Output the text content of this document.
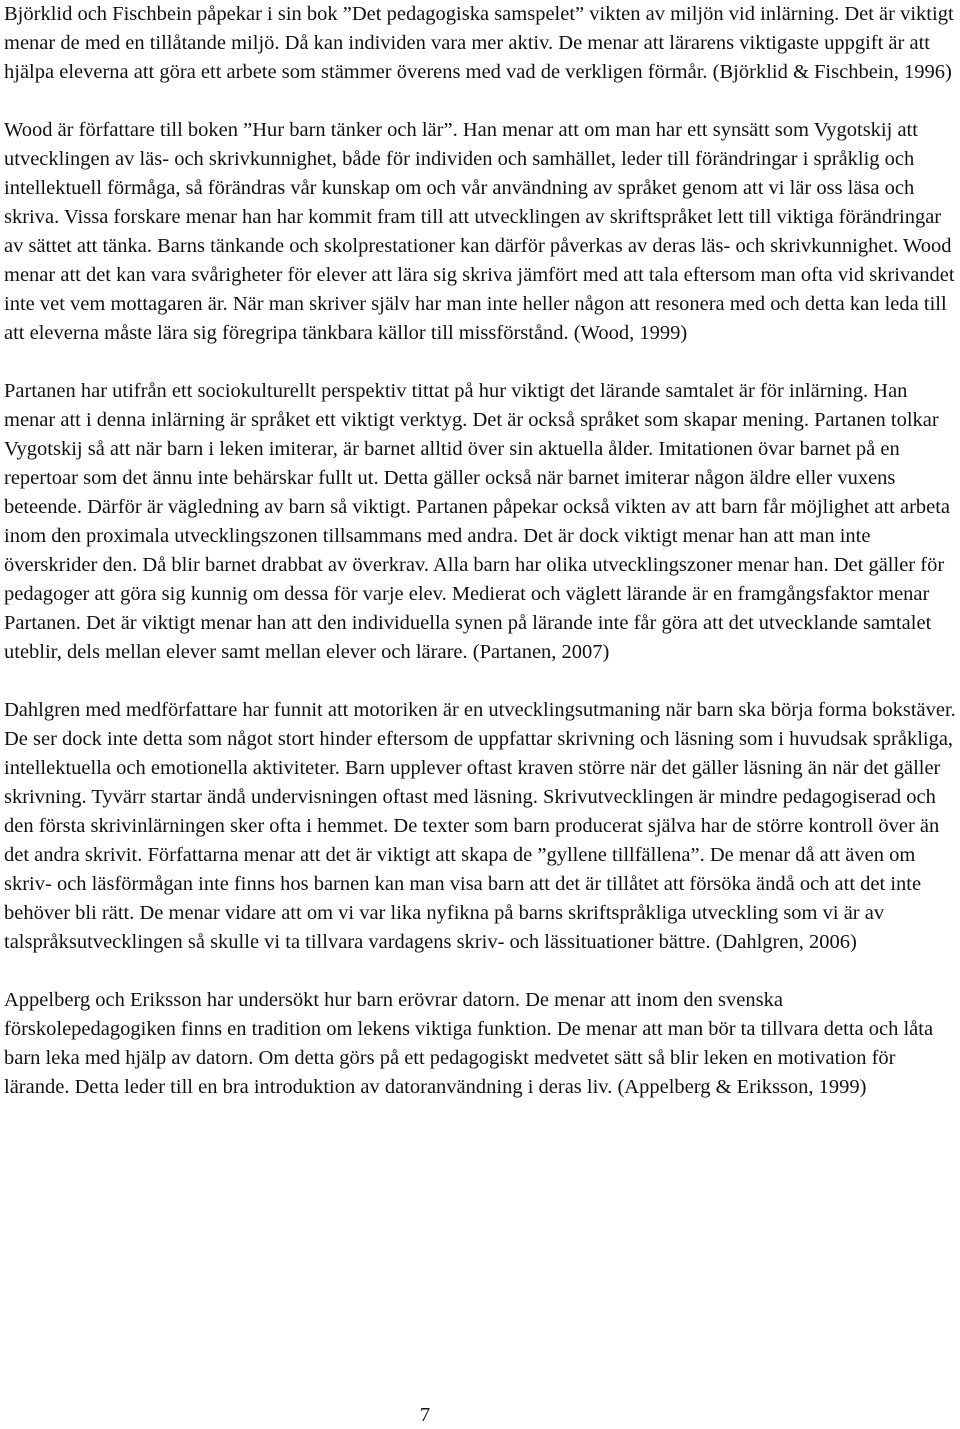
Björklid och Fischbein påpekar i sin bok ”Det pedagogiska samspelet” vikten av miljön vid inlärning. Det är viktigt menar de med en tillåtande miljö. Då kan individen vara mer aktiv. De menar att lärarens viktigaste uppgift är att hjälpa eleverna att göra ett arbete som stämmer överens med vad de verkligen förmår. (Björklid & Fischbein, 1996)

Wood är författare till boken ”Hur barn tänker och lär”. Han menar att om man har ett synsätt som Vygotskij att utvecklingen av läs- och skrivkunnighet, både för individen och samhället, leder till förändringar i språklig och intellektuell förmåga, så förändras vår kunskap om och vår användning av språket genom att vi lär oss läsa och skriva. Vissa forskare menar han har kommit fram till att utvecklingen av skriftspråket lett till viktiga förändringar av sättet att tänka. Barns tänkande och skolprestationer kan därför påverkas av deras läs- och skrivkunnighet. Wood menar att det kan vara svårigheter för elever att lära sig skriva jämfört med att tala eftersom man ofta vid skrivandet inte vet vem mottagaren är. När man skriver själv har man inte heller någon att resonera med och detta kan leda till att eleverna måste lära sig föregripa tänkbara källor till missförstånd. (Wood, 1999)

Partanen har utifrån ett sociokulturellt perspektiv tittat på hur viktigt det lärande samtalet är för inlärning. Han menar att i denna inlärning är språket ett viktigt verktyg. Det är också språket som skapar mening. Partanen tolkar Vygotskij så att när barn i leken imiterar, är barnet alltid över sin aktuella ålder. Imitationen övar barnet på en repertoar som det ännu inte behärskar fullt ut. Detta gäller också när barnet imiterar någon äldre eller vuxens beteende. Därför är vägledning av barn så viktigt. Partanen påpekar också vikten av att barn får möjlighet att arbeta inom den proximala utvecklingszonen tillsammans med andra. Det är dock viktigt menar han att man inte överskrider den. Då blir barnet drabbat av överkrav. Alla barn har olika utvecklingszoner menar han. Det gäller för pedagoger att göra sig kunnig om dessa för varje elev. Medierat och väglett lärande är en framgångsfaktor menar Partanen. Det är viktigt menar han att den individuella synen på lärande inte får göra att det utvecklande samtalet uteblir, dels mellan elever samt mellan elever och lärare. (Partanen, 2007)

Dahlgren med medförfattare har funnit att motoriken är en utvecklingsutmaning när barn ska börja forma bokstäver. De ser dock inte detta som något stort hinder eftersom de uppfattar skrivning och läsning som i huvudsak språkliga, intellektuella och emotionella aktiviteter. Barn upplever oftast kraven större när det gäller läsning än när det gäller skrivning. Tyvärr startar ändå undervisningen oftast med läsning. Skrivutvecklingen är mindre pedagogiserad och den första skrivinlärningen sker ofta i hemmet. De texter som barn producerat själva har de större kontroll över än det andra skrivit. Författarna menar att det är viktigt att skapa de ”gyllene tillfällena”. De menar då att även om skriv- och läsförmågan inte finns hos barnen kan man visa barn att det är tillåtet att försöka ändå och att det inte behöver bli rätt. De menar vidare att om vi var lika nyfikna på barns skriftspråkliga utveckling som vi är av talspråksutvecklingen så skulle vi ta tillvara vardagens skriv- och lässituationer bättre. (Dahlgren, 2006)

Appelberg och Eriksson har undersökt hur barn erövrar datorn. De menar att inom den svenska förskolepedagogiken finns en tradition om lekens viktiga funktion. De menar att man bör ta tillvara detta och låta barn leka med hjälp av datorn. Om detta görs på ett pedagogiskt medvetet sätt så blir leken en motivation för lärande. Detta leder till en bra introduktion av datoranvändning i deras liv. (Appelberg & Eriksson, 1999)

7
